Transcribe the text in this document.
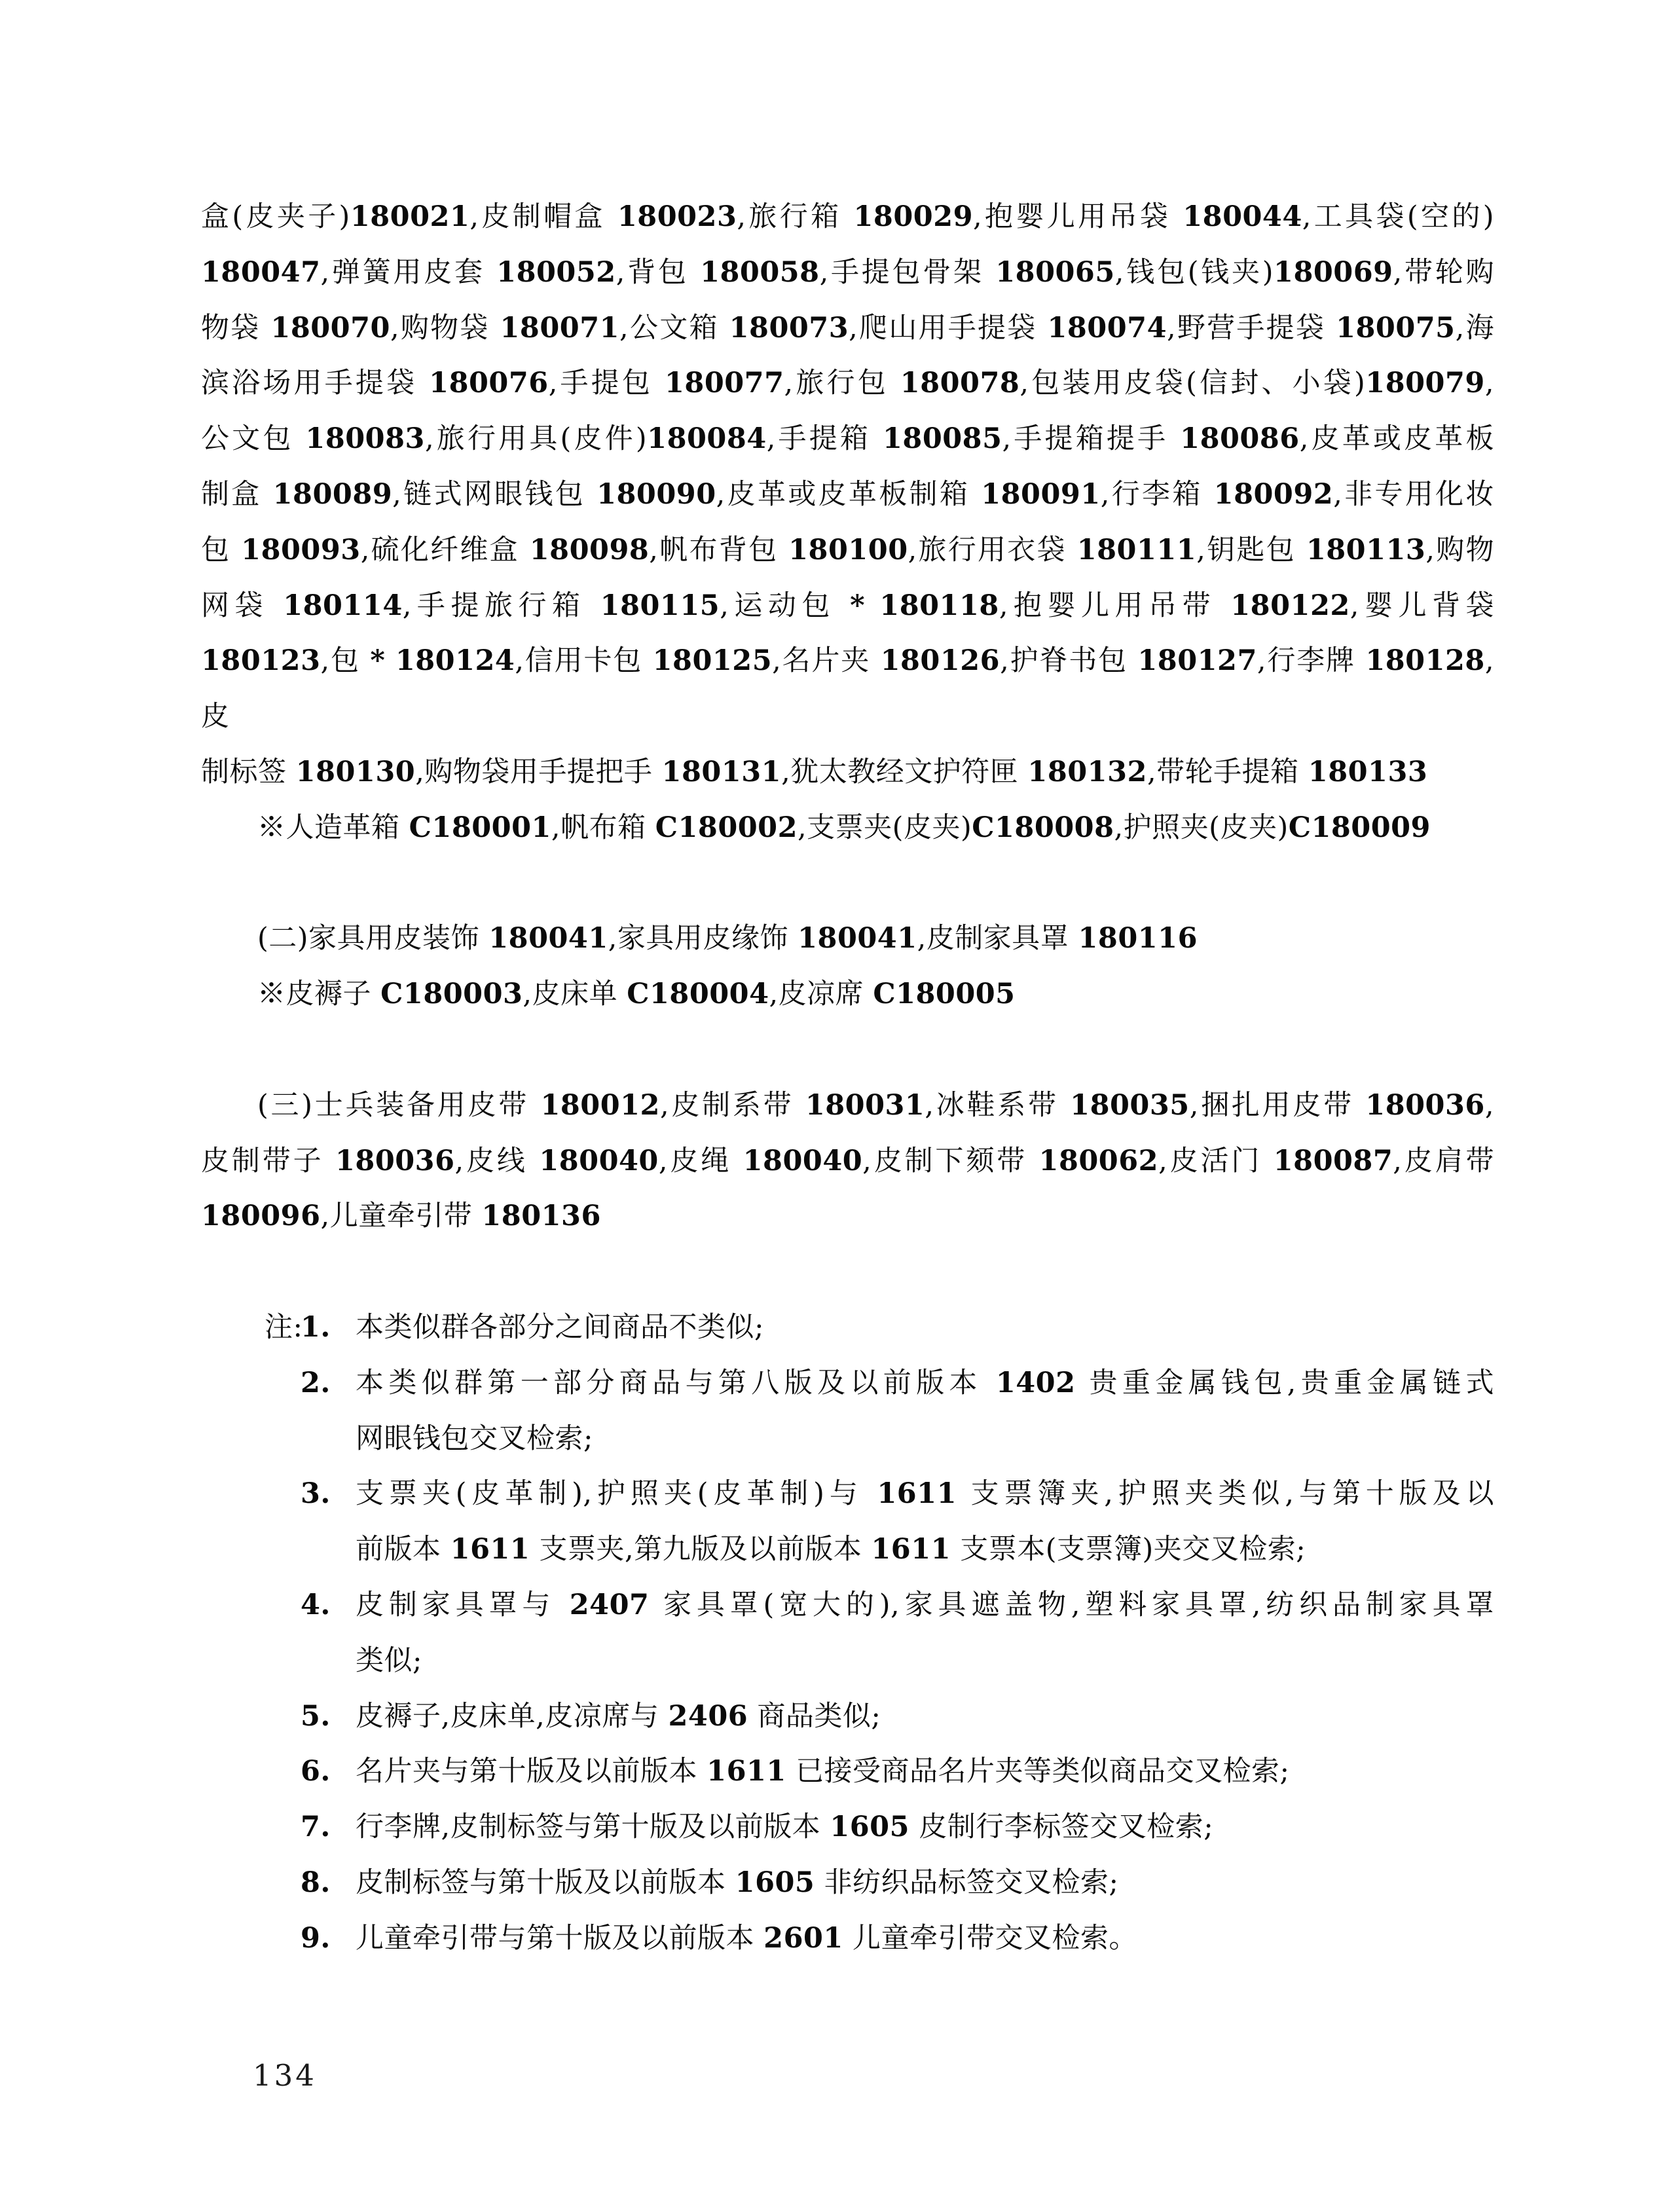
盒(皮夹子)180021,皮制帽盒 180023,旅行箱 180029,抱婴儿用吊袋 180044,工具袋(空的)
180047,弹簧用皮套 180052,背包 180058,手提包骨架 180065,钱包(钱夹)180069,带轮购
物袋 180070,购物袋 180071,公文箱 180073,爬山用手提袋 180074,野营手提袋 180075,海
滨浴场用手提袋 180076,手提包 180077,旅行包 180078,包装用皮袋(信封、小袋)180079,
公文包 180083,旅行用具(皮件)180084,手提箱 180085,手提箱提手 180086,皮革或皮革板
制盒 180089,链式网眼钱包 180090,皮革或皮革板制箱 180091,行李箱 180092,非专用化妆
包 180093,硫化纤维盒 180098,帆布背包 180100,旅行用衣袋 180111,钥匙包 180113,购物
网袋 180114,手提旅行箱 180115,运动包 * 180118,抱婴儿用吊带 180122,婴儿背袋
180123,包 * 180124,信用卡包 180125,名片夹 180126,护脊书包 180127,行李牌 180128,皮
制标签 180130,购物袋用手提把手 180131,犹太教经文护符匣 180132,带轮手提箱 180133
※人造革箱 C180001,帆布箱 C180002,支票夹(皮夹)C180008,护照夹(皮夹)C180009
(二)家具用皮装饰 180041,家具用皮缘饰 180041,皮制家具罩 180116
※皮褥子 C180003,皮床单 C180004,皮凉席 C180005
(三)士兵装备用皮带 180012,皮制系带 180031,冰鞋系带 180035,捆扎用皮带 180036,
皮制带子 180036,皮线 180040,皮绳 180040,皮制下颏带 180062,皮活门 180087,皮肩带
180096,儿童牵引带 180136
注:
1. 本类似群各部分之间商品不类似;
2. 本类似群第一部分商品与第八版及以前版本 1402 贵重金属钱包,贵重金属链式
网眼钱包交叉检索;
3. 支票夹(皮革制),护照夹(皮革制)与 1611 支票簿夹,护照夹类似,与第十版及以
前版本 1611 支票夹,第九版及以前版本 1611 支票本(支票簿)夹交叉检索;
4. 皮制家具罩与 2407 家具罩(宽大的),家具遮盖物,塑料家具罩,纺织品制家具罩
类似;
5. 皮褥子,皮床单,皮凉席与 2406 商品类似;
6. 名片夹与第十版及以前版本 1611 已接受商品名片夹等类似商品交叉检索;
7. 行李牌,皮制标签与第十版及以前版本 1605 皮制行李标签交叉检索;
8. 皮制标签与第十版及以前版本 1605 非纺织品标签交叉检索;
9. 儿童牵引带与第十版及以前版本 2601 儿童牵引带交叉检索。
134
